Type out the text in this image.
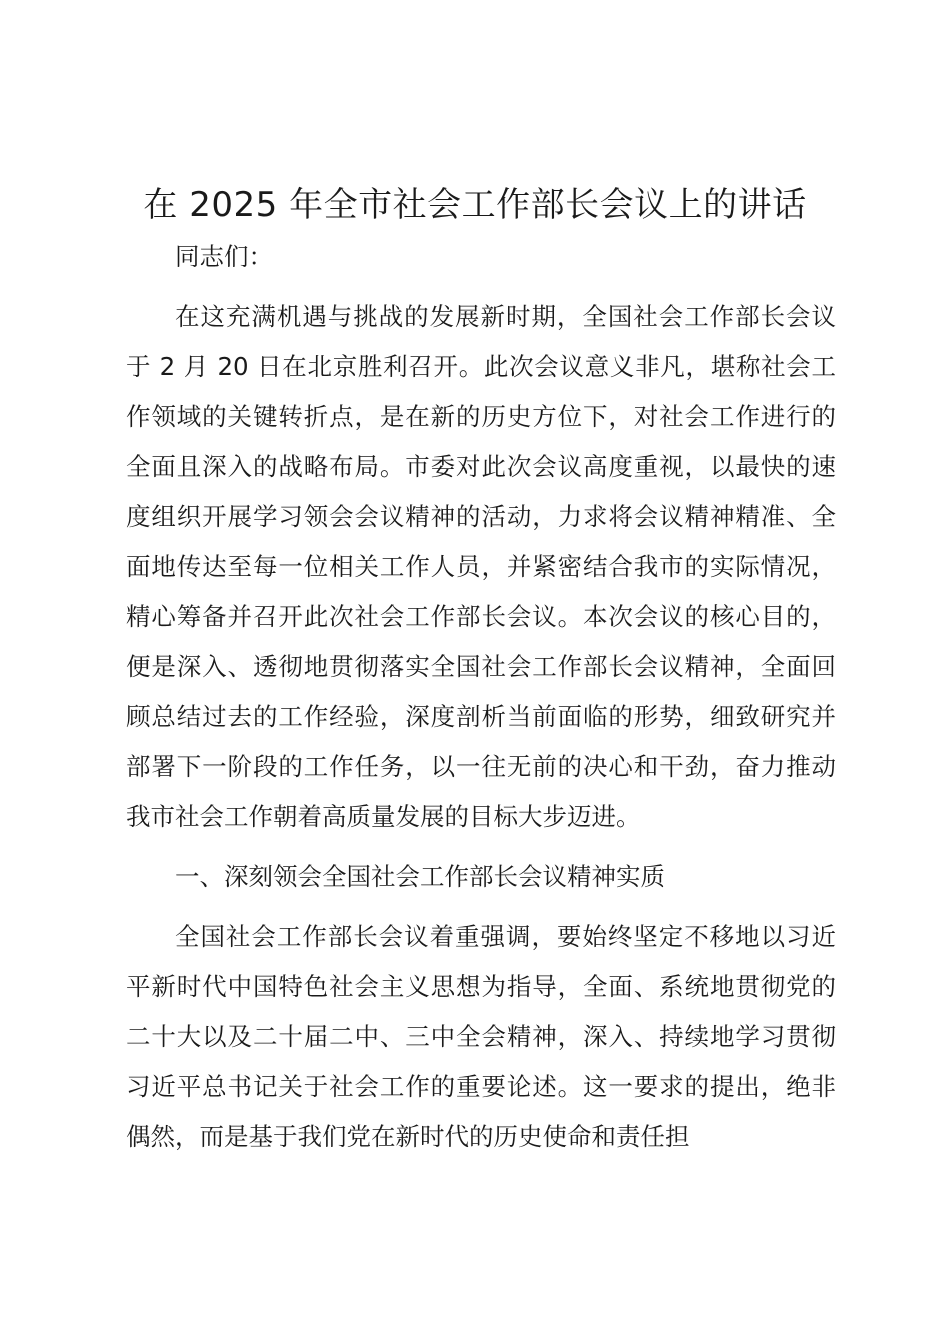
在 2025 年全市社会工作部长会议上的讲话

同志们：

在这充满机遇与挑战的发展新时期，全国社会工作部长会议于 2 月 20 日在北京胜利召开。此次会议意义非凡，堪称社会工作领域的关键转折点，是在新的历史方位下，对社会工作进行的全面且深入的战略布局。市委对此次会议高度重视，以最快的速度组织开展学习领会会议精神的活动，力求将会议精神精准、全面地传达至每一位相关工作人员，并紧密结合我市的实际情况，精心筹备并召开此次社会工作部长会议。本次会议的核心目的，便是深入、透彻地贯彻落实全国社会工作部长会议精神，全面回顾总结过去的工作经验，深度剖析当前面临的形势，细致研究并部署下一阶段的工作任务，以一往无前的决心和干劲，奋力推动我市社会工作朝着高质量发展的目标大步迈进。

一、深刻领会全国社会工作部长会议精神实质

全国社会工作部长会议着重强调，要始终坚定不移地以习近平新时代中国特色社会主义思想为指导，全面、系统地贯彻党的二十大以及二十届二中、三中全会精神，深入、持续地学习贯彻习近平总书记关于社会工作的重要论述。这一要求的提出，绝非偶然，而是基于我们党在新时代的历史使命和责任担
